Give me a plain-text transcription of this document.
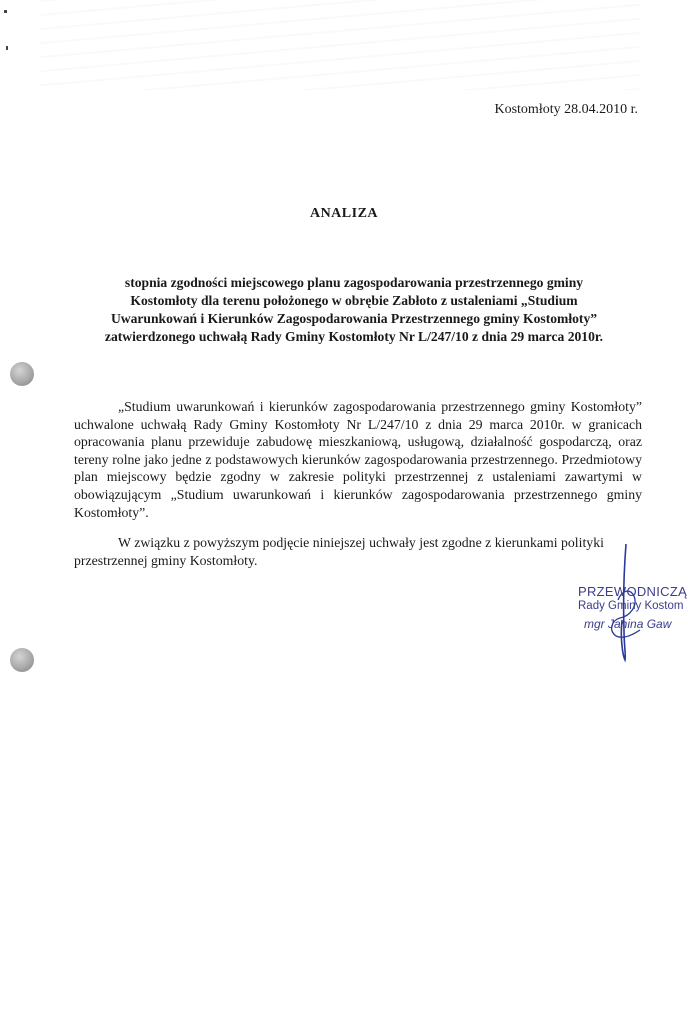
Kostomłoty 28.04.2010 r.
ANALIZA
stopnia zgodności miejscowego planu zagospodarowania przestrzennego gminy
Kostomłoty dla terenu położonego w obrębie Zabłoto z ustaleniami „Studium
Uwarunkowań i Kierunków Zagospodarowania Przestrzennego gminy Kostomłoty”
zatwierdzonego uchwałą Rady Gminy Kostomłoty Nr L/247/10 z dnia 29 marca 2010r.
„Studium uwarunkowań i kierunków zagospodarowania przestrzennego gminy Kostomłoty” uchwalone uchwałą Rady Gminy Kostomłoty Nr L/247/10 z dnia 29 marca 2010r. w granicach opracowania planu przewiduje zabudowę mieszkaniową, usługową, działalność gospodarczą, oraz tereny rolne jako jedne z podstawowych kierunków zagospodarowania przestrzennego. Przedmiotowy plan miejscowy będzie zgodny w zakresie polityki przestrzennej z ustaleniami zawartymi w obowiązującym „Studium uwarunkowań i kierunków zagospodarowania przestrzennego gminy Kostomłoty”.
W związku z powyższym podjęcie niniejszej uchwały jest zgodne z kierunkami polityki przestrzennej gminy Kostomłoty.
PRZEWODNICZĄ
Rady Gminy Kostom
mgr Janina Gaw
